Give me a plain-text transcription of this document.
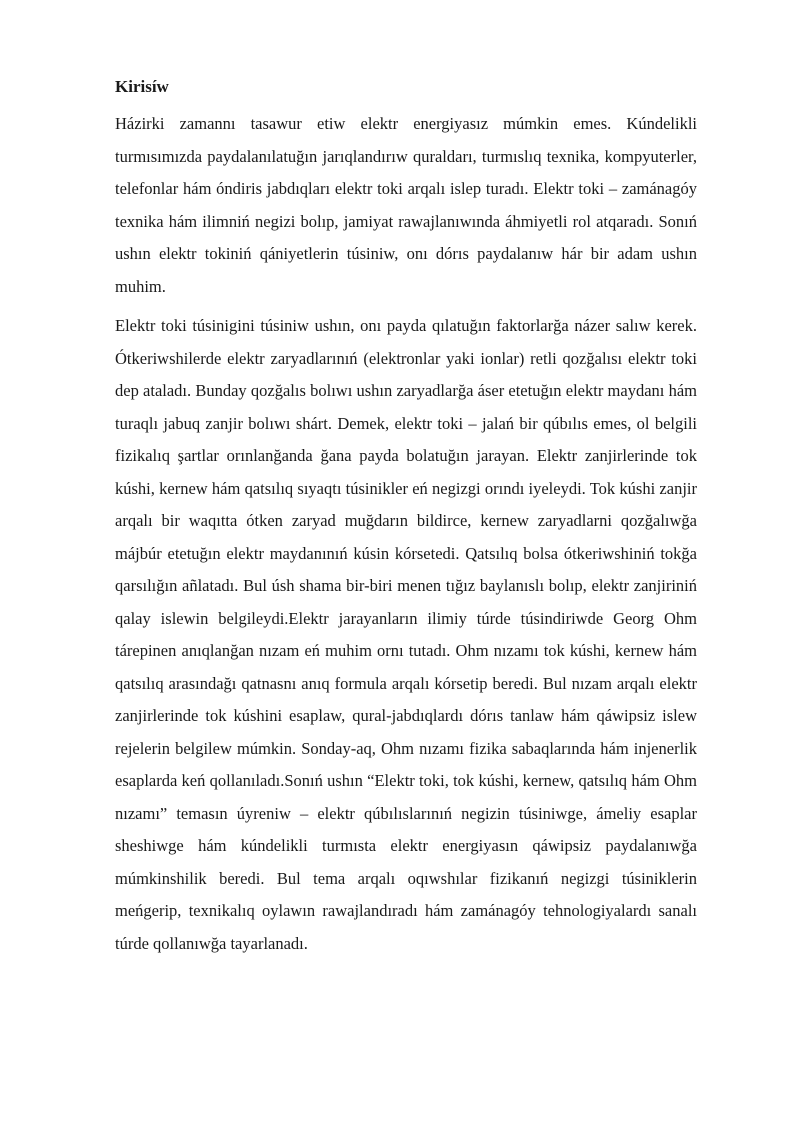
Kirisíw

Házirki zamannı tasawur etiw elektr energiyasız múmkin emes. Kúndelikli turmısımızda paydalanılatuğın jarıqlandırıw quraldarı, turmıslıq texnika, kompyuterler, telefonlar hám óndiris jabdıqları elektr toki arqalı islep turadı. Elektr toki – zamánagóy texnika hám ilimniń negizi bolıp, jamiyat rawajlanıwında áhmiyetli rol atqaradı. Sonıń ushın elektr tokiniń qániyetlerin túsiniw, onı dórıs paydalanıw hár bir adam ushın muhim.

Elektr toki túsinigini túsiniw ushın, onı payda qılatuğın faktorlarğa názer salıw kerek. Ótkeriwshilerde elektr zaryadlarınıń (elektronlar yaki ionlar) retli qozğalısı elektr toki dep ataladı. Bunday qozğalıs bolıwı ushın zaryadlarğa áser etetuğın elektr maydanı hám turaqlı jabuq zanjir bolıwı shárt. Demek, elektr toki – jalań bir qúbılıs emes, ol belgili fizikalıq şartlar orınlanğanda ğana payda bolatuğın jarayan. Elektr zanjirlerinde tok kúshi, kernew hám qatsılıq sıyaqtı túsinikler eń negizgi orındı iyeleydi. Tok kúshi zanjir arqalı bir waqıtta ótken zaryad muğdarın bildirce, kernew zaryadlarni qozğalıwğa májbúr etetuğın elektr maydanınıń kúsin kórsetedi. Qatsılıq bolsa ótkeriwshiniń tokğa qarsılığın añlatadı. Bul úsh shama bir-biri menen tığız baylanıslı bolıp, elektr zanjiriniń qalay islewin belgileydi.Elektr jarayanların ilimiy túrde túsindiriwde Georg Ohm tárepinen anıqlanğan nızam eń muhim ornı tutadı. Ohm nızamı tok kúshi, kernew hám qatsılıq arasındağı qatnasnı anıq formula arqalı kórsetip beredi. Bul nızam arqalı elektr zanjirlerinde tok kúshini esaplaw, qural-jabdıqlardı dórıs tanlaw hám qáwipsiz islew rejelerin belgilew múmkin. Sonday-aq, Ohm nızamı fizika sabaqlarında hám injenerlik esaplarda keń qollanıladı.Sonıń ushın “Elektr toki, tok kúshi, kernew, qatsılıq hám Ohm nızamı” temasın úyreniw – elektr qúbılıslarınıń negizin túsiniwge, ámeliy esaplar sheshiwge hám kúndelikli turmısta elektr energiyasın qáwipsiz paydalanıwğa múmkinshilik beredi. Bul tema arqalı oqıwshılar fizikanıń negizgi túsiniklerin meńgerip, texnikalıq oylawın rawajlandıradı hám zamánagóy tehnologiyalardı sanalı túrde qollanıwğa tayarlanadı.
